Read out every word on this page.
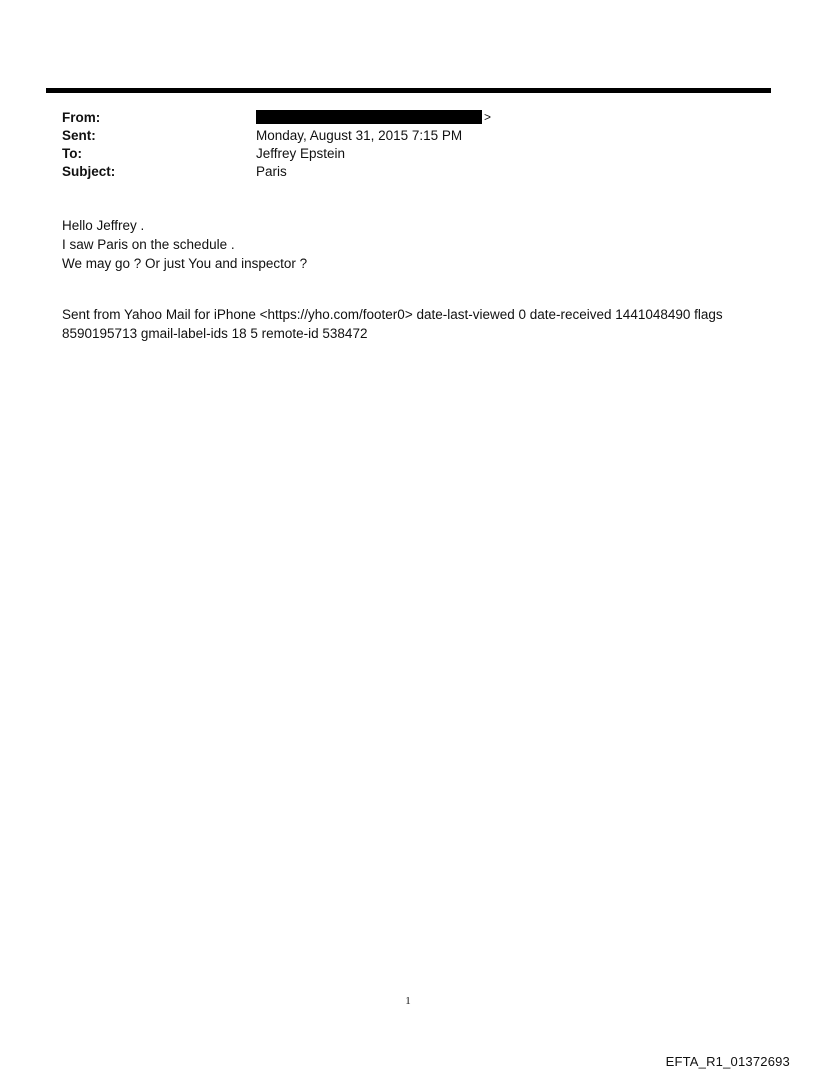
From:	>
Sent:	Monday, August 31, 2015 7:15 PM
To:	Jeffrey Epstein
Subject:	Paris
Hello Jeffrey .
I saw Paris on the schedule .
We may go ? Or just You and inspector ?
Sent from Yahoo Mail for iPhone <https://yho.com/footer0> date-last-viewed 0 date-received 1441048490 flags 8590195713 gmail-label-ids 18 5 remote-id 538472
1
EFTA_R1_01372693
